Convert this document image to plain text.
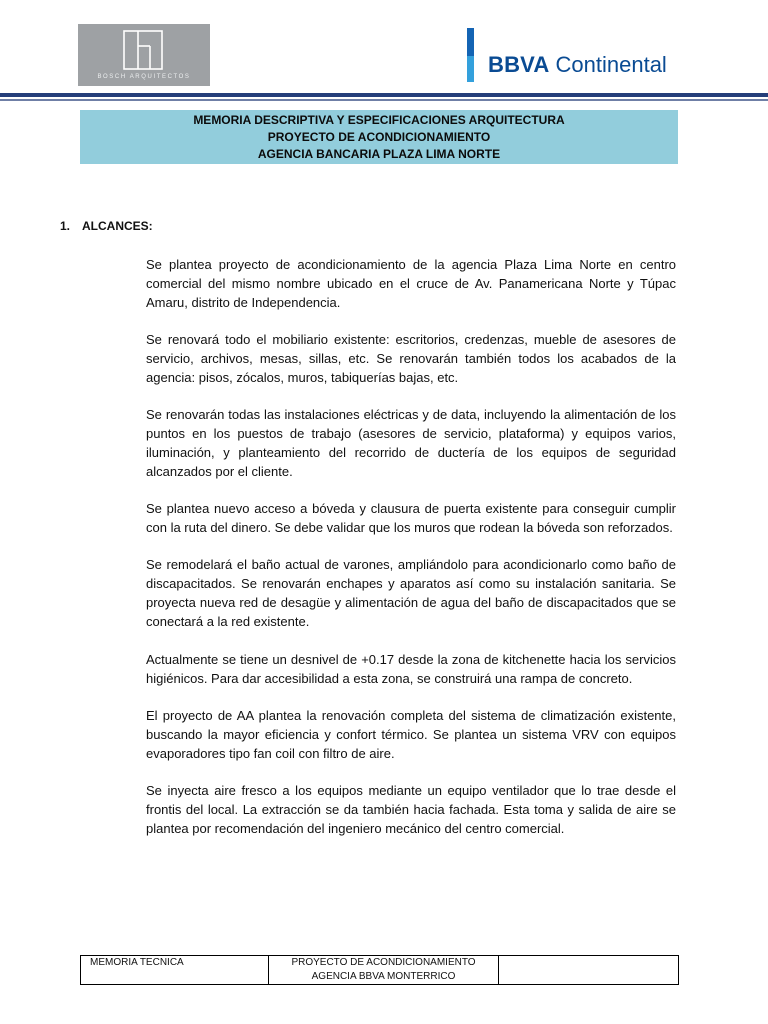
BOSCH ARQUITECTOS	BBVA Continental
MEMORIA DESCRIPTIVA Y ESPECIFICACIONES ARQUITECTURA
PROYECTO DE ACONDICIONAMIENTO
AGENCIA BANCARIA PLAZA LIMA NORTE
1. ALCANCES:

Se plantea proyecto de acondicionamiento de la agencia Plaza Lima Norte en centro comercial del mismo nombre ubicado en el cruce de Av. Panamericana Norte y Túpac Amaru, distrito de Independencia.

Se renovará todo el mobiliario existente: escritorios, credenzas, mueble de asesores de servicio, archivos, mesas, sillas, etc. Se renovarán también todos los acabados de la agencia: pisos, zócalos, muros, tabiquerías bajas, etc.

Se renovarán todas las instalaciones eléctricas y de data, incluyendo la alimentación de los puntos en los puestos de trabajo (asesores de servicio, plataforma) y equipos varios, iluminación, y planteamiento del recorrido de ductería de los equipos de seguridad alcanzados por el cliente.

Se plantea nuevo acceso a bóveda y clausura de puerta existente para conseguir cumplir con la ruta del dinero. Se debe validar que los muros que rodean la bóveda son reforzados.

Se remodelará el baño actual de varones, ampliándolo para acondicionarlo como baño de discapacitados. Se renovarán enchapes y aparatos así como su instalación sanitaria. Se proyecta nueva red de desagüe y alimentación de agua del baño de discapacitados que se conectará a la red existente.

Actualmente se tiene un desnivel de +0.17 desde la zona de kitchenette hacia los servicios higiénicos. Para dar accesibilidad a esta zona, se construirá una rampa de concreto.

El proyecto de AA plantea la renovación completa del sistema de climatización existente, buscando la mayor eficiencia y confort térmico. Se plantea un sistema VRV con equipos evaporadores tipo fan coil con filtro de aire.

Se inyecta aire fresco a los equipos mediante un equipo ventilador que lo trae desde el frontis del local. La extracción se da también hacia fachada. Esta toma y salida de aire se plantea por recomendación del ingeniero mecánico del centro comercial.

MEMORIA TECNICA	PROYECTO DE ACONDICIONAMIENTO
AGENCIA BBVA MONTERRICO
